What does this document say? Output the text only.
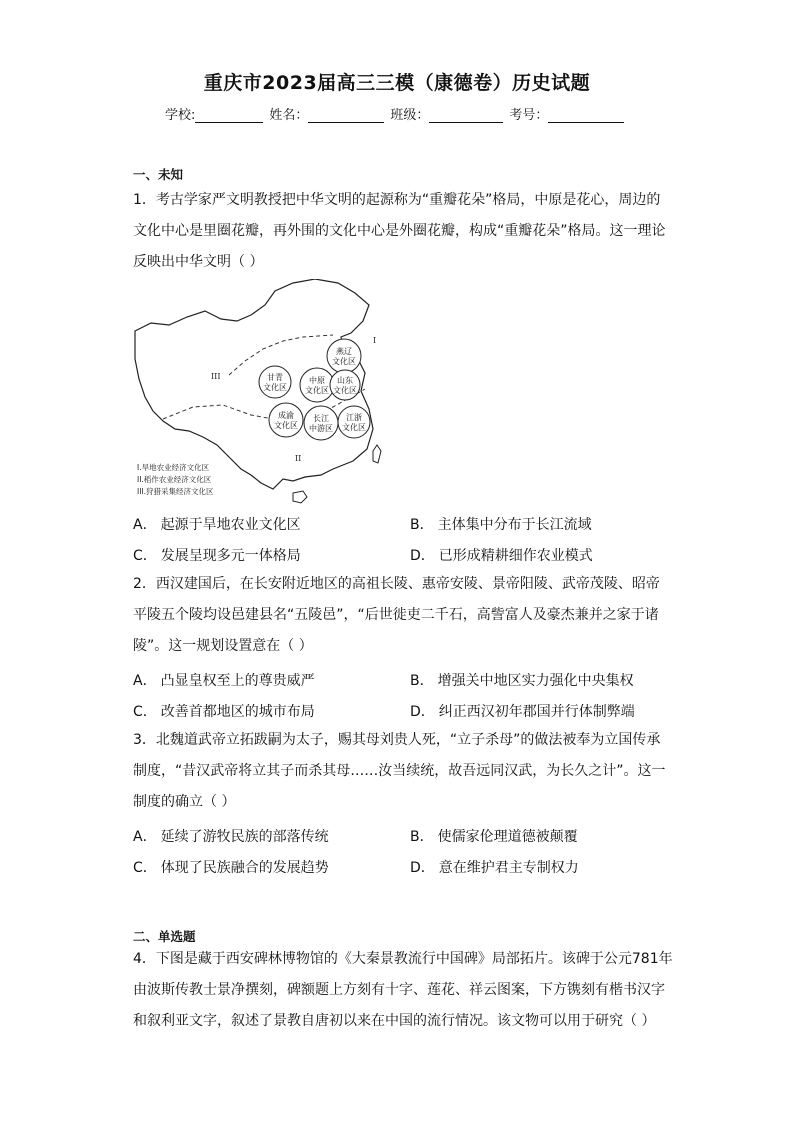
重庆市2023届高三三模（康德卷）历史试题
学校:	姓名：	班级：	考号：
一、未知
1．考古学家严文明教授把中华文明的起源称为“重瓣花朵”格局，中原是花心，周边的文化中心是里圈花瓣，再外围的文化中心是外圈花瓣，构成“重瓣花朵”格局。这一理论反映出中华文明（ ）
III
I
II
甘青
文化区
中原
文化区
燕辽
文化区
山东
文化区
成渝
文化区
长江
中游区
江浙
文化区
I.旱地农业经济文化区
II.稻作农业经济文化区
III.狩猎采集经济文化区
A． 起源于旱地农业文化区	B． 主体集中分布于长江流域
C． 发展呈现多元一体格局	D． 已形成精耕细作农业模式
2．西汉建国后，在长安附近地区的高祖长陵、惠帝安陵、景帝阳陵、武帝茂陵、昭帝平陵五个陵均设邑建县名“五陵邑”，“后世徙吏二千石，高訾富人及豪杰兼并之家于诸陵”。这一规划设置意在（ ）
A． 凸显皇权至上的尊贵威严	B． 增强关中地区实力强化中央集权
C． 改善首都地区的城市布局	D． 纠正西汉初年郡国并行体制弊端
3．北魏道武帝立拓跋嗣为太子，赐其母刘贵人死，“立子杀母”的做法被奉为立国传承制度，“昔汉武帝将立其子而杀其母……汝当续统，故吾远同汉武，为长久之计”。这一制度的确立（ ）
A． 延续了游牧民族的部落传统	B． 使儒家伦理道德被颠覆
C． 体现了民族融合的发展趋势	D． 意在维护君主专制权力
二、单选题
4．下图是藏于西安碑林博物馆的《大秦景教流行中国碑》局部拓片。该碑于公元781年由波斯传教士景净撰刻，碑额题上方刻有十字、莲花、祥云图案，下方镌刻有楷书汉字和叙利亚文字，叙述了景教自唐初以来在中国的流行情况。该文物可以用于研究（ ）
